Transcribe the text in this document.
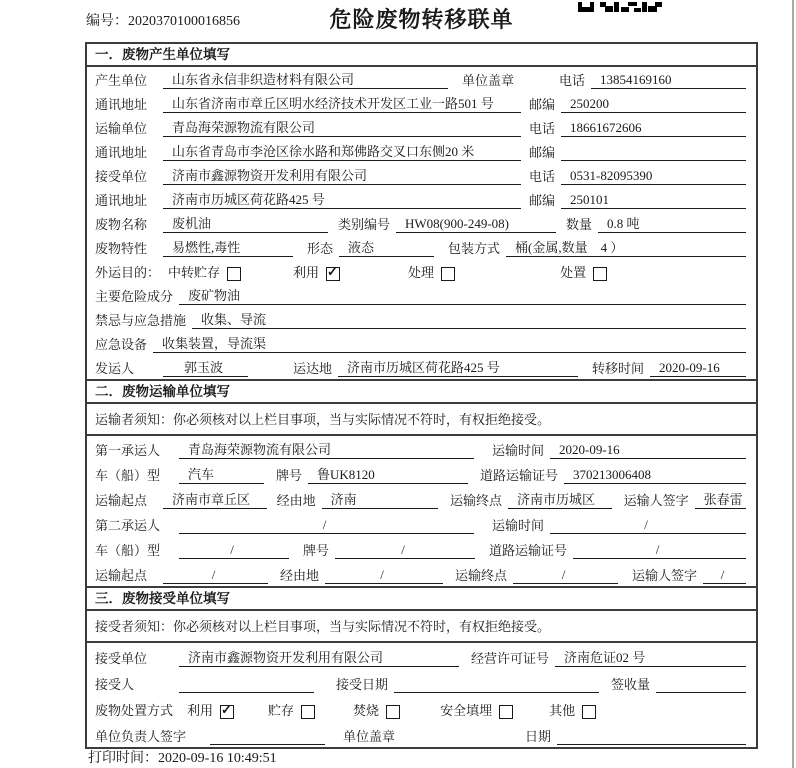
编号：2020370100016856	危险废物转移联单
一．废物产生单位填写
产生单位	山东省永信非织造材料有限公司	单位盖章	电话	13854169160
通讯地址	山东省济南市章丘区明水经济技术开发区工业一路501 号	邮编	250200
运输单位	青岛海荣源物流有限公司	电话	18661672606
通讯地址	山东省青岛市李沧区徐水路和郑佛路交叉口东侧20 米	邮编
接受单位	济南市鑫源物资开发利用有限公司	电话	0531-82095390
通讯地址	济南市历城区荷花路425 号	邮编	250101
废物名称	废机油	类别编号	HW08(900-249-08)	数量	0.8 吨
废物特性	易燃性,毒性	形态	液态	包装方式	桶(金属,数量　4 ）
外运目的： 中转贮存	利用 ✓	处理	处置
主要危险成分	废矿物油
禁忌与应急措施	收集、导流
应急设备	收集装置，导流渠
发运人	郭玉波	运达地	济南市历城区荷花路425 号	转移时间	2020-09-16
二．废物运输单位填写
运输者须知：你必须核对以上栏目事项，当与实际情况不符时，有权拒绝接受。
第一承运人	青岛海荣源物流有限公司	运输时间	2020-09-16
车（船）型	汽车	牌号	鲁UK8120	道路运输证号	370213006408
运输起点	济南市章丘区	经由地	济南	运输终点	济南市历城区	运输人签字	张春雷
第二承运人	/	运输时间	/
车（船）型	/	牌号	/	道路运输证号	/
运输起点	/	经由地	/	运输终点	/	运输人签字	/
三．废物接受单位填写
接受者须知：你必须核对以上栏目事项，当与实际情况不符时，有权拒绝接受。
接受单位	济南市鑫源物资开发利用有限公司	经营许可证号	济南危证02 号
接受人	接受日期	签收量
废物处置方式 利用 ✓	贮存	焚烧	安全填埋	其他
单位负责人签字	单位盖章	日期
打印时间：2020-09-16 10:49:51
